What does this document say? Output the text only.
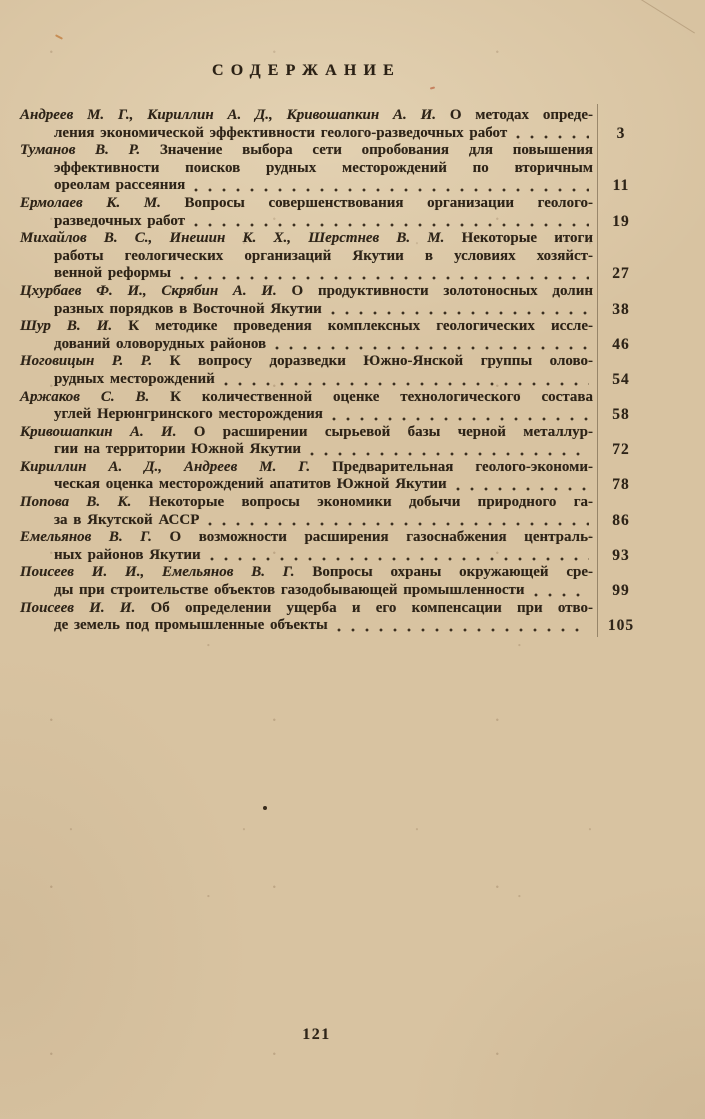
СОДЕРЖАНИЕ
Андреев М. Г., Кириллин А. Д., Кривошапкин А. И. О методах опреде-
ления экономической эффективности геолого-разведочных работ	3
Туманов В. Р. Значение выбора сети опробования для повышения
эффективности поисков рудных месторождений по вторичным
ореолам рассеяния	11
Ермолаев К. М. Вопросы совершенствования организации геолого-
разведочных работ	19
Михайлов В. С., Инешин К. Х., Шерстнев В. М. Некоторые итоги
работы геологических организаций Якутии в условиях хозяйст-
венной реформы	27
Цхурбаев Ф. И., Скрябин А. И. О продуктивности золотоносных долин
разных порядков в Восточной Якутии	38
Шур В. И. К методике проведения комплексных геологических иссле-
дований оловорудных районов	46
Ноговицын Р. Р. К вопросу доразведки Южно-Янской группы олово-
рудных месторождений	54
Аржаков С. В. К количественной оценке технологического состава
углей Нерюнгринского месторождения	58
Кривошапкин А. И. О расширении сырьевой базы черной металлур-
гии на территории Южной Якутии	72
Кириллин А. Д., Андреев М. Г. Предварительная геолого-экономи-
ческая оценка месторождений апатитов Южной Якутии	78
Попова В. К. Некоторые вопросы экономики добычи природного га-
за в Якутской АССР	86
Емельянов В. Г. О возможности расширения газоснабжения централь-
ных районов Якутии	93
Поисеев И. И., Емельянов В. Г. Вопросы охраны окружающей сре-
ды при строительстве объектов газодобывающей промышленности	99
Поисеев И. И. Об определении ущерба и его компенсации при отво-
де земель под промышленные объекты	105
121
